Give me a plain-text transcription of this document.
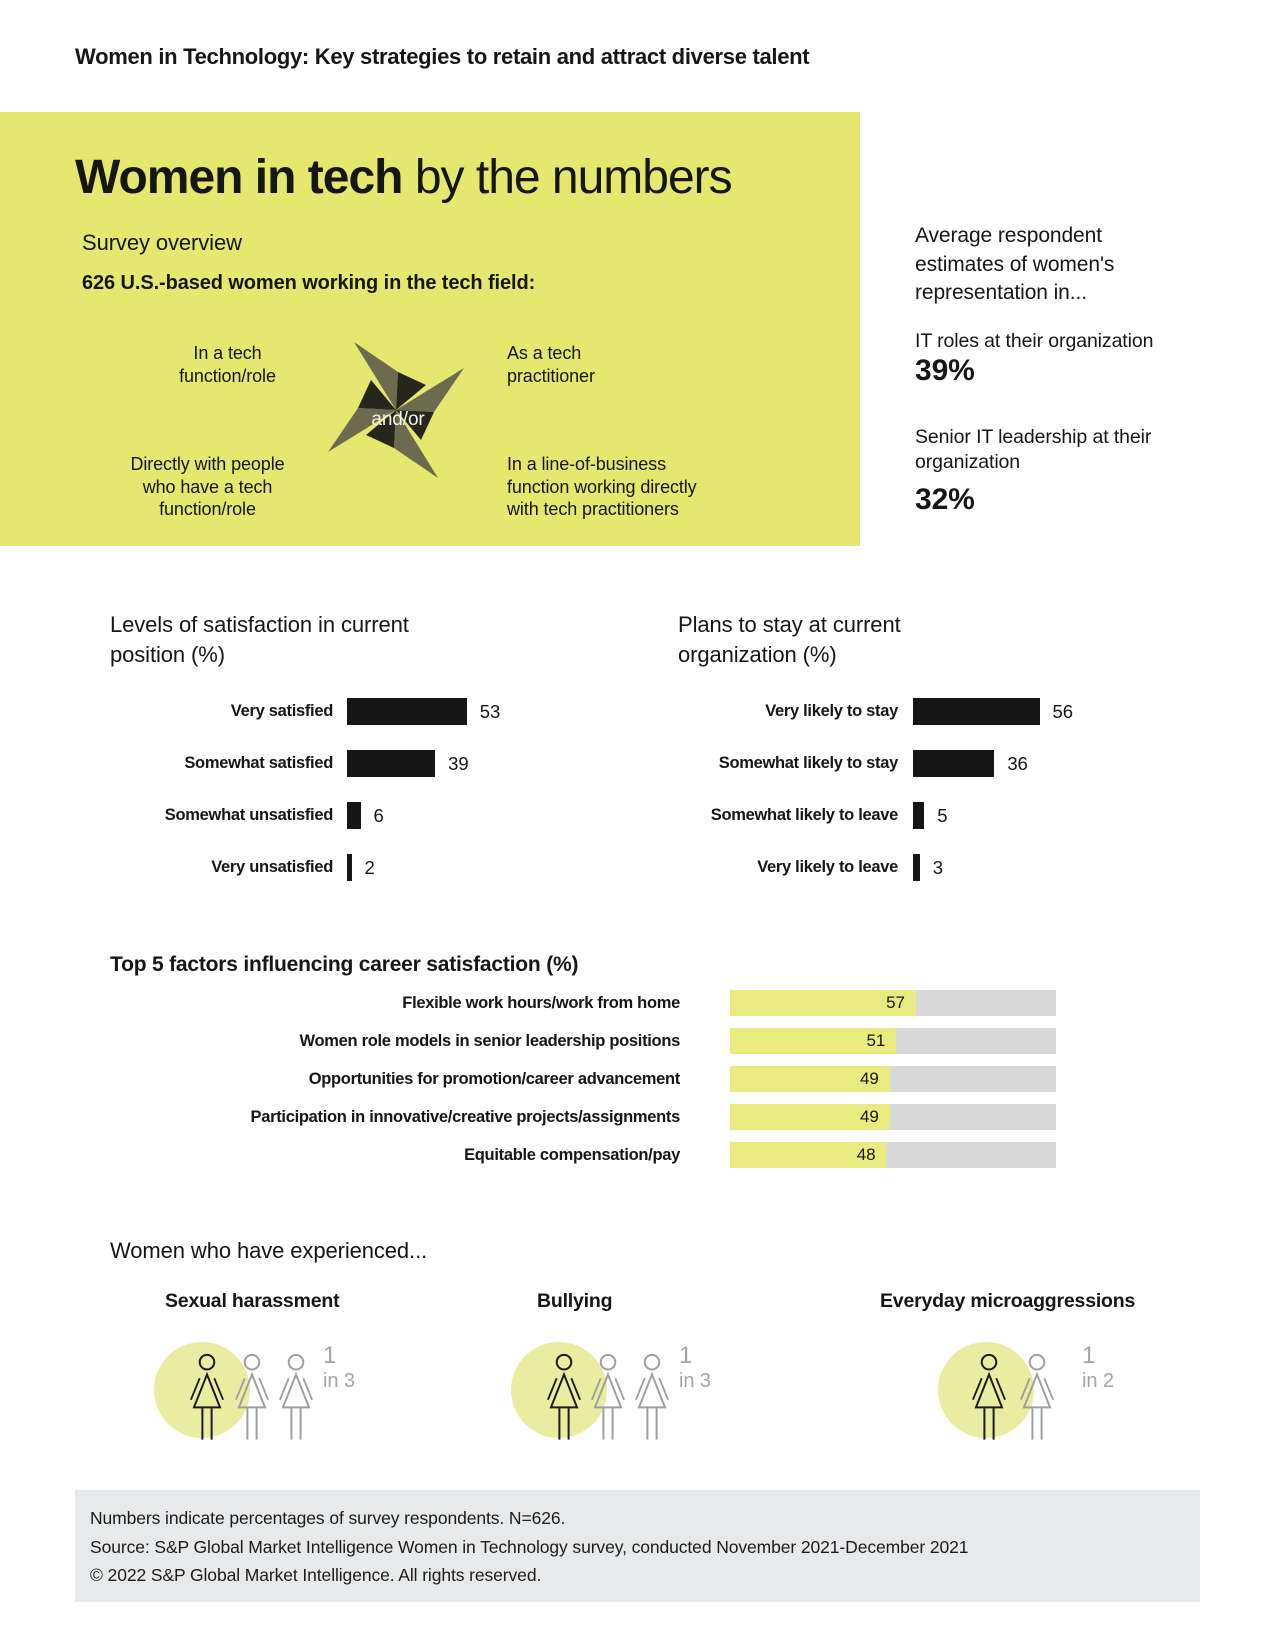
Women in Technology: Key strategies to retain and attract diverse talent
Women in tech by the numbers
Survey overview
626 U.S.-based women working in the tech field:
and/or
In a tech
function/role
As a tech
practitioner
Directly with people
who have a tech
function/role
In a line-of-business
function working directly
with tech practitioners
Average respondent estimates of women's representation in...
IT roles at their organization
39%
Senior IT leadership at their organization
32%
Levels of satisfaction in current position (%)
Very satisfied	53
Somewhat satisfied	39
Somewhat unsatisfied 6
Very unsatisfied 2
Plans to stay at current organization (%)
Very likely to stay	56
Somewhat likely to stay	36
Somewhat likely to leave 5
Very likely to leave 3
Top 5 factors influencing career satisfaction (%)
Flexible work hours/work from home	57
Women role models in senior leadership positions	51
Opportunities for promotion/career advancement	49
Participation in innovative/creative projects/assignments	49
Equitable compensation/pay	48
Women who have experienced...
Sexual harassment
1
in 3
Bullying
1
in 3
Everyday microaggressions
1
in 2
Numbers indicate percentages of survey respondents. N=626.
Source: S&P Global Market Intelligence Women in Technology survey, conducted November 2021-December 2021
© 2022 S&P Global Market Intelligence. All rights reserved.
